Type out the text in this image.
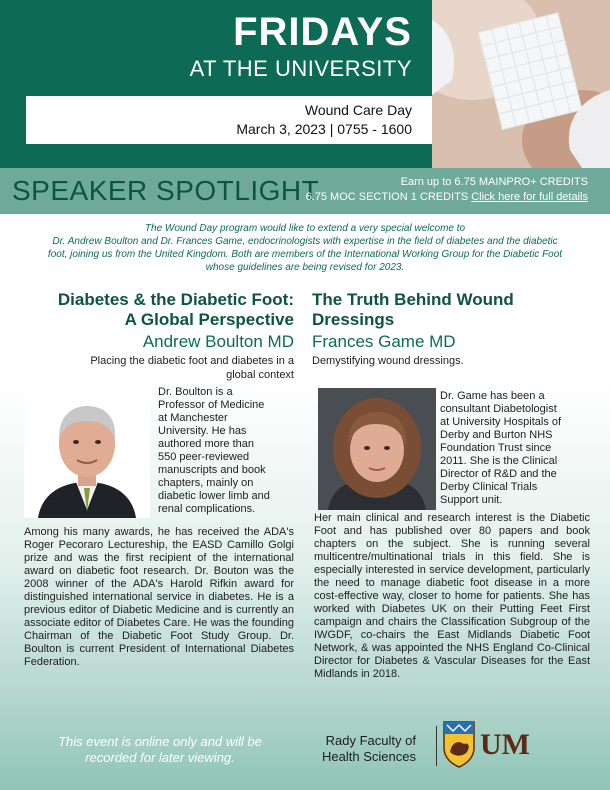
FRIDAYS
AT THE UNIVERSITY
Wound Care Day
March 3, 2023 | 0755 - 1600
SPEAKER SPOTLIGHT	Earn up to 6.75 MAINPRO+ CREDITS
6.75 MOC SECTION 1 CREDITS Click here for full details
The Wound Day program would like to extend a very special welcome to
Dr. Andrew Boulton and Dr. Frances Game, endocrinologists with expertise in the field of diabetes and the diabetic
foot, joining us from the United Kingdom. Both are members of the International Working Group for the Diabetic Foot
whose guidelines are being revised for 2023.
Diabetes & the Diabetic Foot:
A Global Perspective
Andrew Boulton MD
Placing the diabetic foot and diabetes in a
global context
Dr. Boulton is a
Professor of Medicine
at Manchester
University. He has
authored more than
550 peer-reviewed
manuscripts and book
chapters, mainly on
diabetic lower limb and
renal complications.
Among his many awards, he has received the ADA's Roger Pecoraro Lectureship, the EASD Camillo Golgi prize and was the first recipient of the international award on diabetic foot research. Dr. Bouton was the 2008 winner of the ADA's Harold Rifkin award for distinguished international service in diabetes. He is a previous editor of Diabetic Medicine and is currently an associate editor of Diabetes Care. He was the founding Chairman of the Diabetic Foot Study Group. Dr. Boulton is current President of International Diabetes Federation.
The Truth Behind Wound
Dressings
Frances Game MD
Demystifying wound dressings.
Dr. Game has been a
consultant Diabetologist
at University Hospitals of
Derby and Burton NHS
Foundation Trust since
2011. She is the Clinical
Director of R&D and the
Derby Clinical Trials
Support unit.
Her main clinical and research interest is the Diabetic Foot and has published over 80 papers and book chapters on the subject. She is running several multicentre/multinational trials in this field. She is especially interested in service development, particularly the need to manage diabetic foot disease in a more cost-effective way, closer to home for patients. She has worked with Diabetes UK on their Putting Feet First campaign and chairs the Classification Subgroup of the IWGDF, co-chairs the East Midlands Diabetic Foot Network, & was appointed the NHS England Co-Clinical Director for Diabetes & Vascular Diseases for the East Midlands in 2018.
This event is online only and will be
recorded for later viewing.
Rady Faculty of
Health Sciences UM
